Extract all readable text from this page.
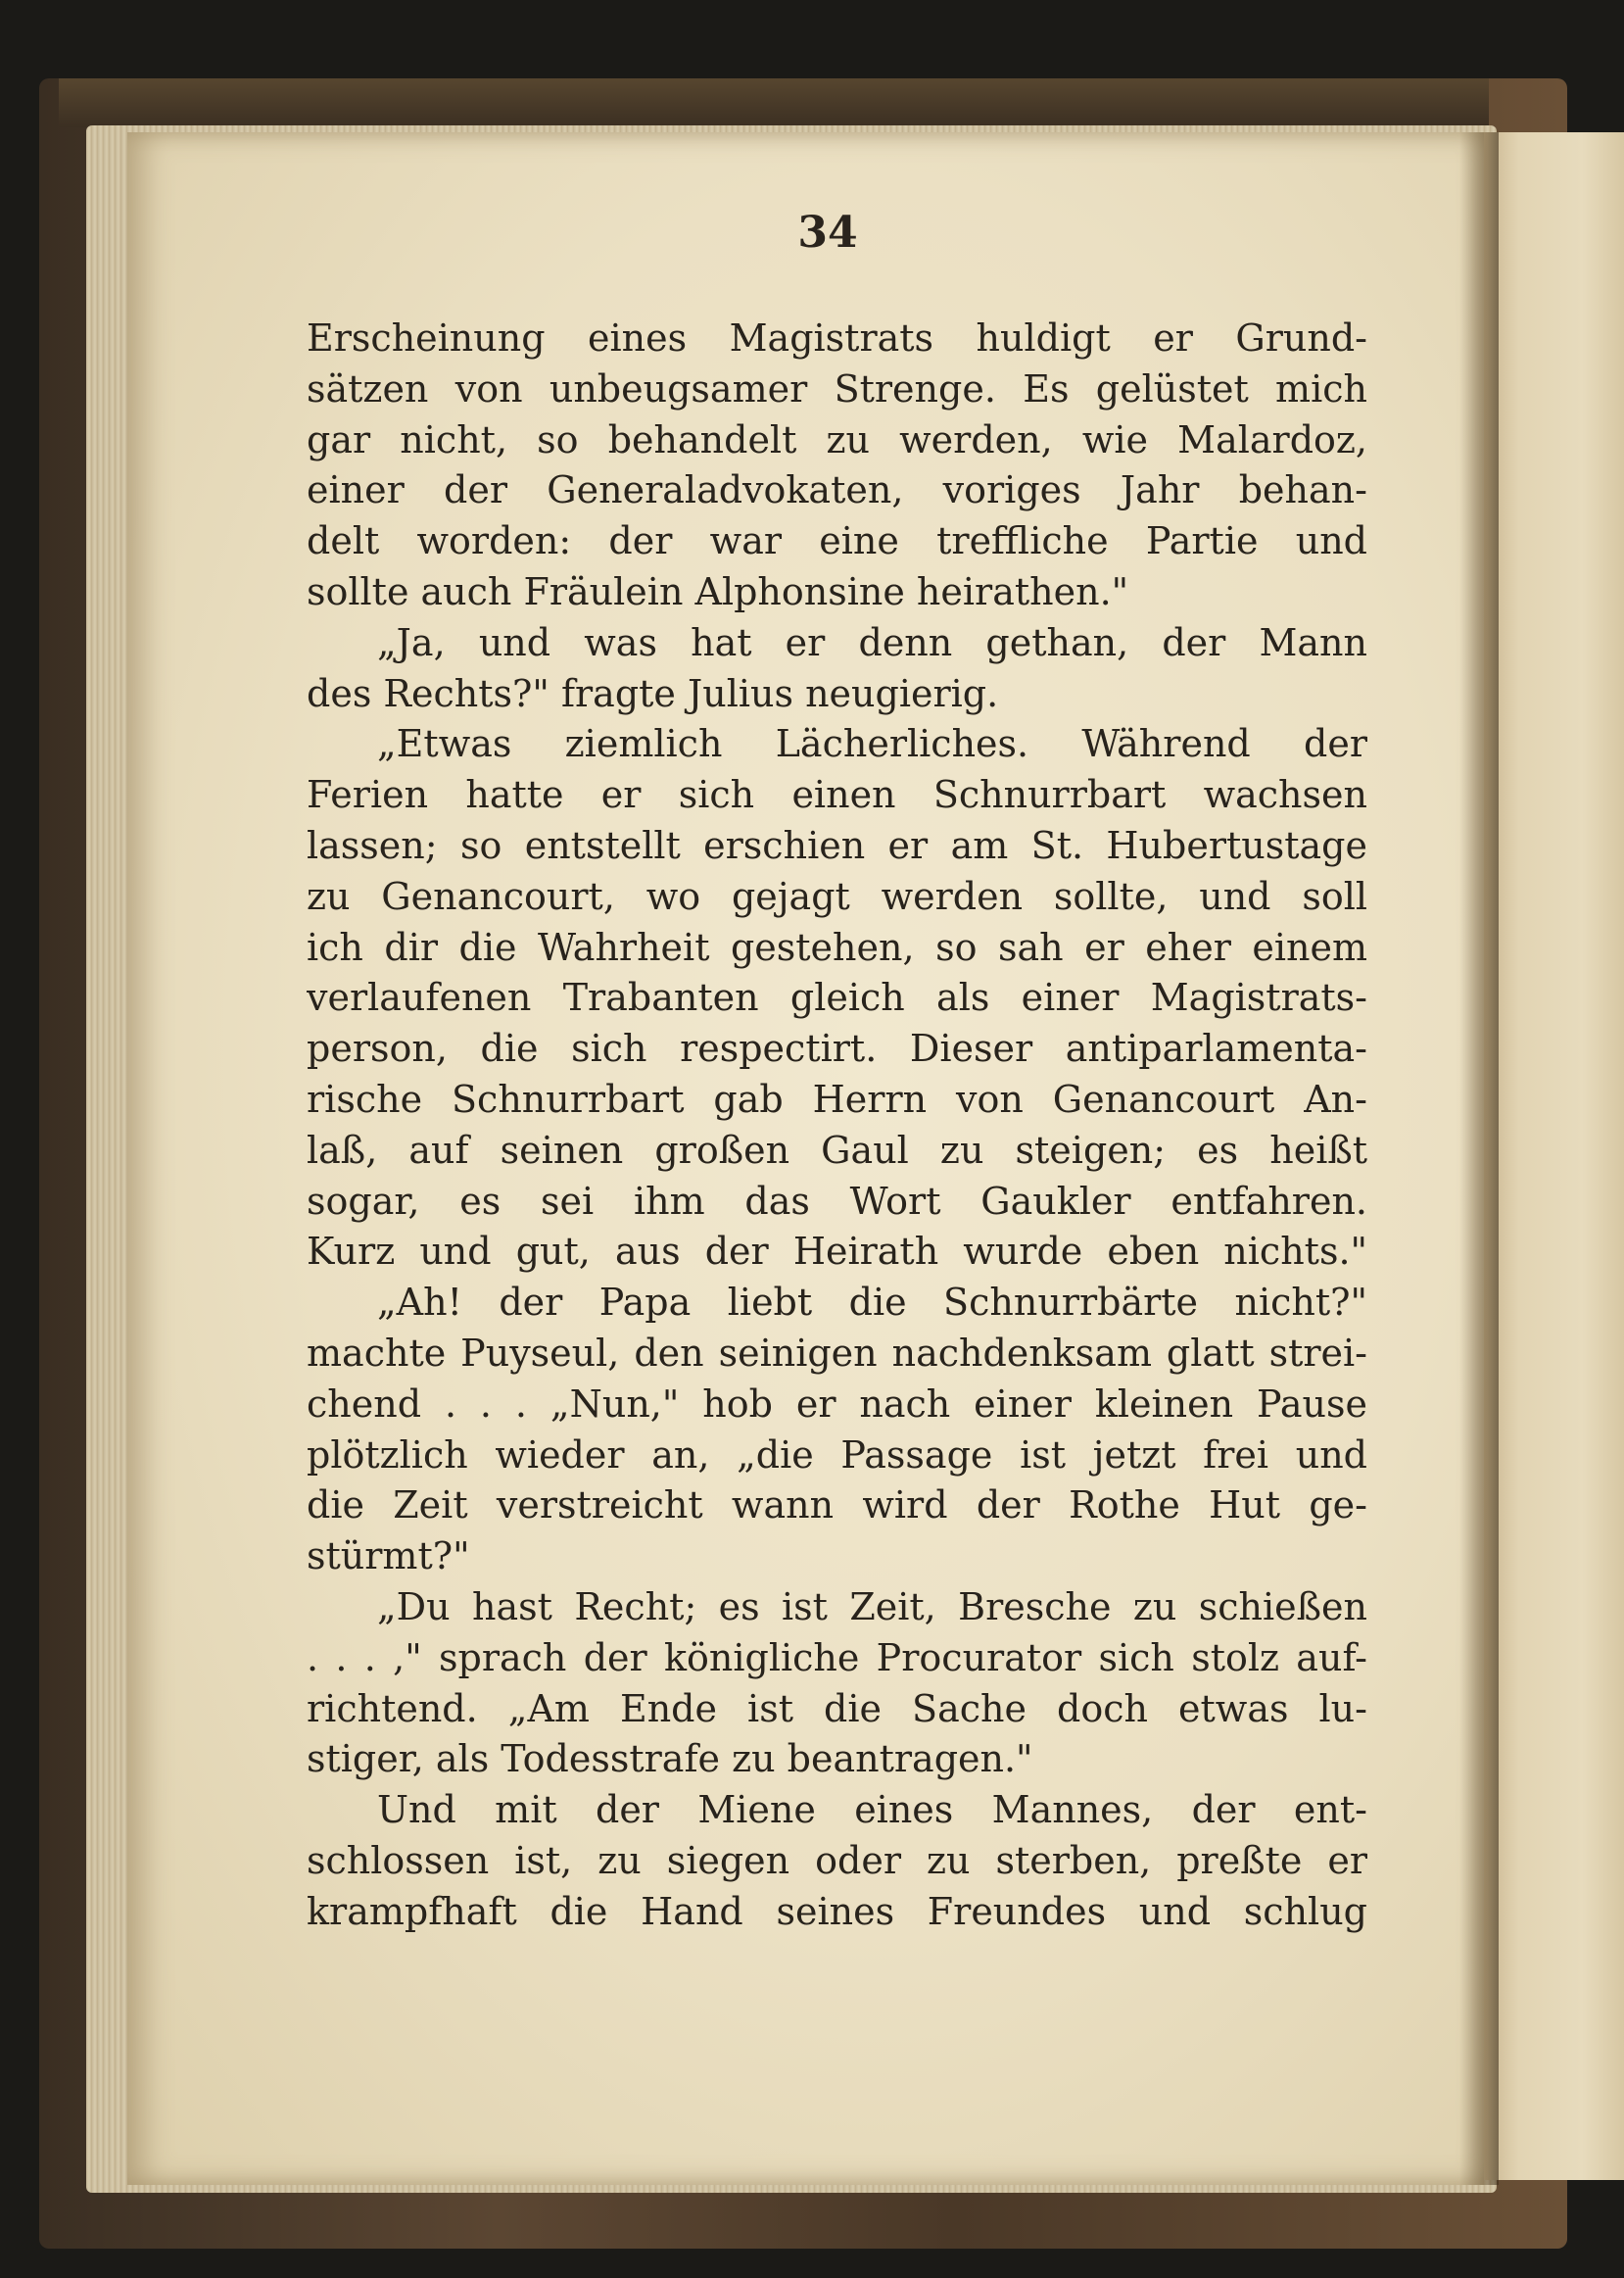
34
Erscheinung eines Magistrats huldigt er Grund-
sätzen von unbeugsamer Strenge. Es gelüstet mich
gar nicht, so behandelt zu werden, wie Malardoz,
einer der Generaladvokaten, voriges Jahr behan-
delt worden: der war eine treffliche Partie und
sollte auch Fräulein Alphonsine heirathen."
„Ja, und was hat er denn gethan, der Mann
des Rechts?" fragte Julius neugierig.
„Etwas ziemlich Lächerliches. Während der
Ferien hatte er sich einen Schnurrbart wachsen
lassen; so entstellt erschien er am St. Hubertustage
zu Genancourt, wo gejagt werden sollte, und soll
ich dir die Wahrheit gestehen, so sah er eher einem
verlaufenen Trabanten gleich als einer Magistrats-
person, die sich respectirt. Dieser antiparlamenta-
rische Schnurrbart gab Herrn von Genancourt An-
laß, auf seinen großen Gaul zu steigen; es heißt
sogar, es sei ihm das Wort Gaukler entfahren.
Kurz und gut, aus der Heirath wurde eben nichts."
„Ah! der Papa liebt die Schnurrbärte nicht?"
machte Puyseul, den seinigen nachdenksam glatt strei-
chend . . . „Nun," hob er nach einer kleinen Pause
plötzlich wieder an, „die Passage ist jetzt frei und
die Zeit verstreicht wann wird der Rothe Hut ge-
stürmt?"
„Du hast Recht; es ist Zeit, Bresche zu schießen
. . . ," sprach der königliche Procurator sich stolz auf-
richtend. „Am Ende ist die Sache doch etwas lu-
stiger, als Todesstrafe zu beantragen."
Und mit der Miene eines Mannes, der ent-
schlossen ist, zu siegen oder zu sterben, preßte er
krampfhaft die Hand seines Freundes und schlug
